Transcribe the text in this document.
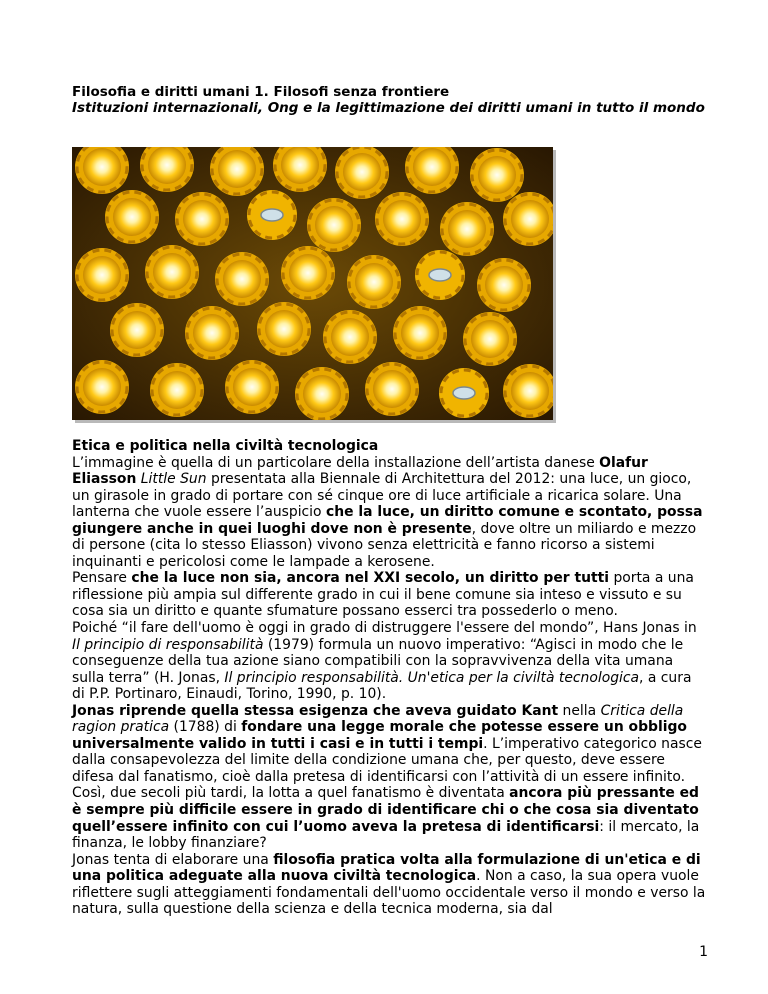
Filosofia e diritti umani 1. Filosofi senza frontiere
Istituzioni internazionali, Ong e la legittimazione dei diritti umani in tutto il mondo

Etica e politica nella civiltà tecnologica

L’immagine è quella di un particolare della installazione dell’artista danese Olafur Eliasson Little Sun presentata alla Biennale di Architettura del 2012: una luce, un gioco, un girasole in grado di portare con sé cinque ore di luce artificiale a ricarica solare. Una lanterna che vuole essere l’auspicio che la luce, un diritto comune e scontato, possa giungere anche in quei luoghi dove non è presente, dove oltre un miliardo e mezzo di persone (cita lo stesso Eliasson) vivono senza elettricità e fanno ricorso a sistemi inquinanti e pericolosi come le lampade a kerosene.

Pensare che la luce non sia, ancora nel XXI secolo, un diritto per tutti porta a una riflessione più ampia sul differente grado in cui il bene comune sia inteso e vissuto e su cosa sia un diritto e quante sfumature possano esserci tra possederlo o meno.

Poiché “il fare dell'uomo è oggi in grado di distruggere l'essere del mondo”, Hans Jonas in Il principio di responsabilità (1979) formula un nuovo imperativo: “Agisci in modo che le conseguenze della tua azione siano compatibili con la sopravvivenza della vita umana sulla terra” (H. Jonas, Il principio responsabilità. Un'etica per la civiltà tecnologica, a cura di P.P. Portinaro, Einaudi, Torino, 1990, p. 10).

Jonas riprende quella stessa esigenza che aveva guidato Kant nella Critica della ragion pratica (1788) di fondare una legge morale che potesse essere un obbligo universalmente valido in tutti i casi e in tutti i tempi. L’imperativo categorico nasce dalla consapevolezza del limite della condizione umana che, per questo, deve essere difesa dal fanatismo, cioè dalla pretesa di identificarsi con l’attività di un essere infinito. Così, due secoli più tardi, la lotta a quel fanatismo è diventata ancora più pressante ed è sempre più difficile essere in grado di identificare chi o che cosa sia diventato quell’essere infinito con cui l’uomo aveva la pretesa di identificarsi: il mercato, la finanza, le lobby finanziare?

Jonas tenta di elaborare una filosofia pratica volta alla formulazione di un'etica e di una politica adeguate alla nuova civiltà tecnologica. Non a caso, la sua opera vuole riflettere sugli atteggiamenti fondamentali dell'uomo occidentale verso il mondo e verso la natura, sulla questione della scienza e della tecnica moderna, sia dal

1
